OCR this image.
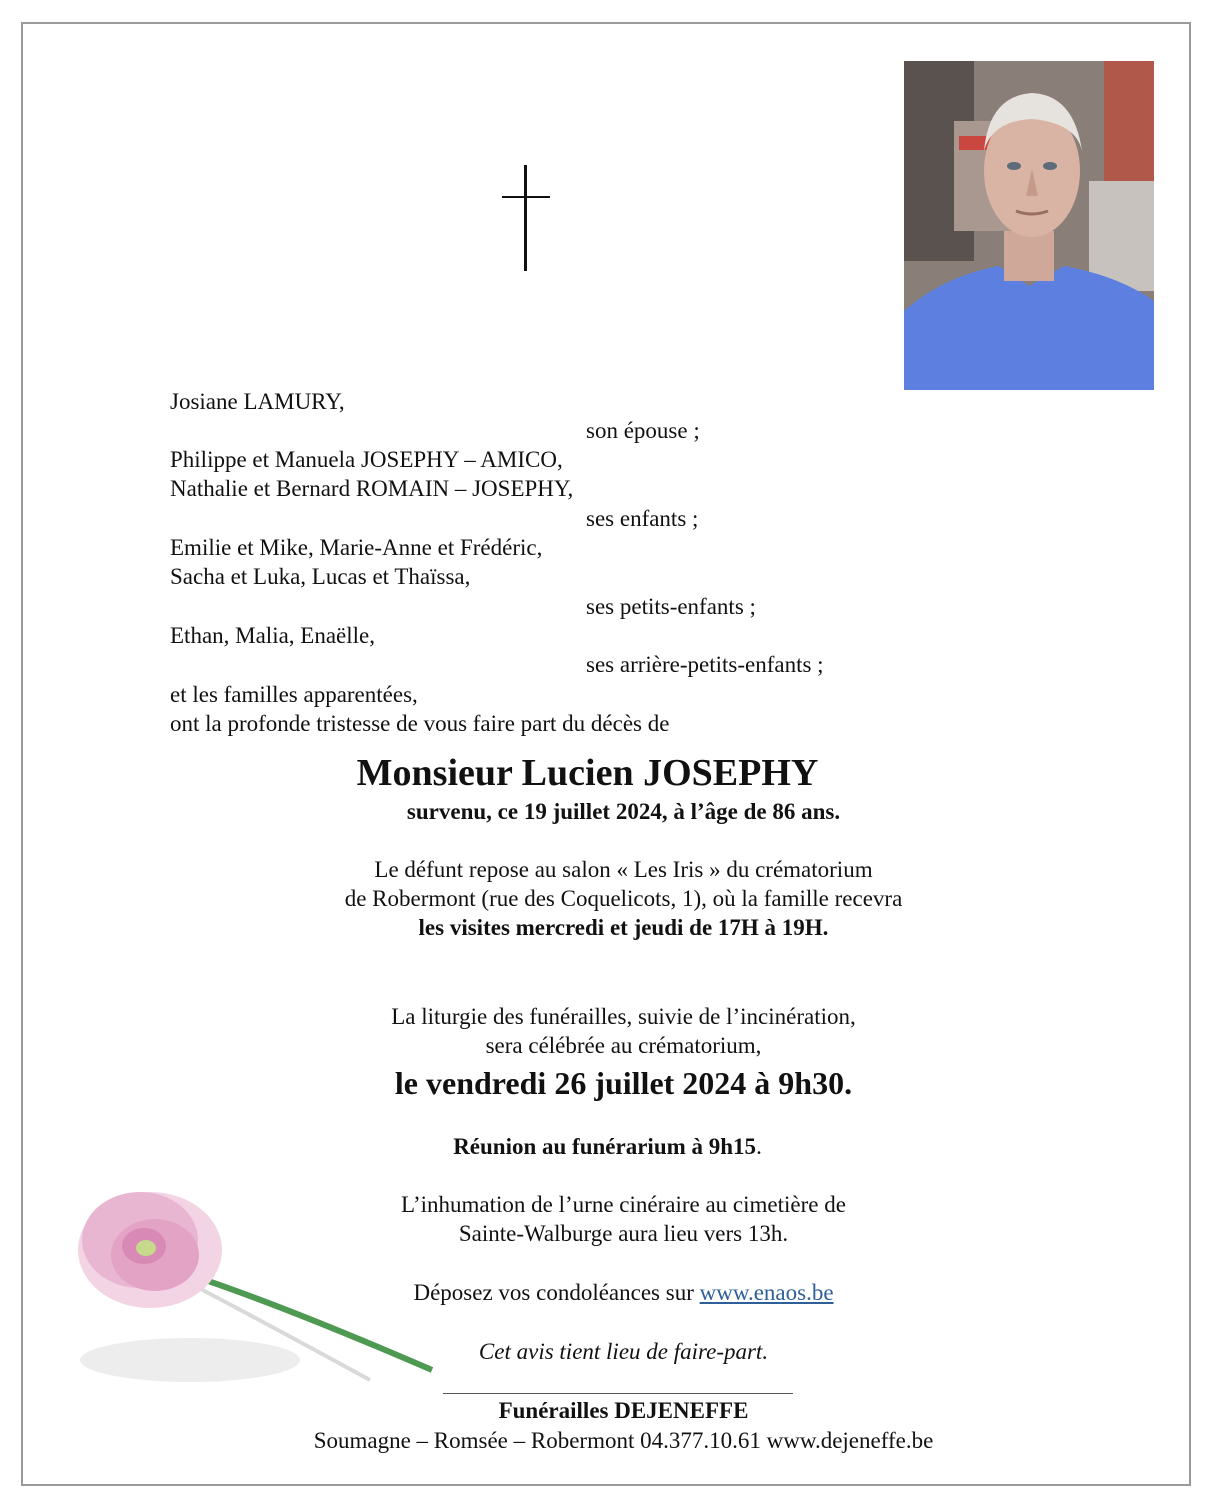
Josiane LAMURY,
son épouse ;
Philippe et Manuela JOSEPHY – AMICO,
Nathalie et Bernard ROMAIN – JOSEPHY,
ses enfants ;
Emilie et Mike, Marie-Anne et Frédéric,
Sacha et Luka, Lucas et Thaïssa,
ses petits-enfants ;
Ethan, Malia, Enaëlle,
ses arrière-petits-enfants ;
et les familles apparentées,
ont la profonde tristesse de vous faire part du décès de
Monsieur Lucien JOSEPHY
survenu, ce 19 juillet 2024, à l’âge de 86 ans.
Le défunt repose au salon « Les Iris » du crématorium
de Robermont (rue des Coquelicots, 1), où la famille recevra
les visites mercredi et jeudi de 17H à 19H.
La liturgie des funérailles, suivie de l’incinération,
sera célébrée au crématorium,
le vendredi 26 juillet 2024 à 9h30.
Réunion au funérarium à 9h15.
L’inhumation de l’urne cinéraire au cimetière de
Sainte-Walburge aura lieu vers 13h.
Déposez vos condoléances sur www.enaos.be
Cet avis tient lieu de faire-part.
Funérailles DEJENEFFE
Soumagne – Romsée – Robermont 04.377.10.61 www.dejeneffe.be
